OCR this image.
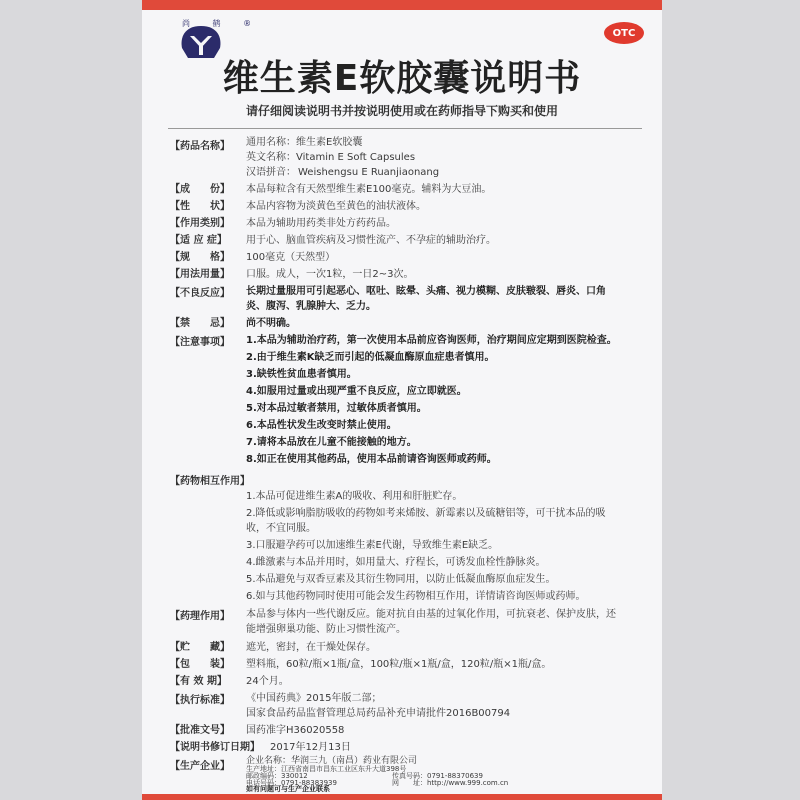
尚 鹤 ®
OTC
维生素E软胶囊说明书
请仔细阅读说明书并按说明使用或在药师指导下购买和使用
【药品名称】 通用名称：维生素E软胶囊
英文名称：Vitamin E Soft Capsules
汉语拼音： Weishengsu E Ruanjiaonang
【成　　份】 本品每粒含有天然型维生素E100毫克。辅料为大豆油。
【性　　状】 本品内容物为淡黄色至黄色的油状液体。
【作用类别】 本品为辅助用药类非处方药药品。
【适 应 症】 用于心、脑血管疾病及习惯性流产、不孕症的辅助治疗。
【规　　格】 100毫克（天然型）
【用法用量】 口服。成人，一次1粒，一日2~3次。
【不良反应】 长期过量服用可引起恶心、呕吐、眩晕、头痛、视力模糊、皮肤皲裂、唇炎、口角
炎、腹泻、乳腺肿大、乏力。
【禁　　忌】 尚不明确。
【注意事项】 1.本品为辅助治疗药，第一次使用本品前应咨询医师，治疗期间应定期到医院检查。
2.由于维生素K缺乏而引起的低凝血酶原血症患者慎用。
3.缺铁性贫血患者慎用。
4.如服用过量或出现严重不良反应，应立即就医。
5.对本品过敏者禁用，过敏体质者慎用。
6.本品性状发生改变时禁止使用。
7.请将本品放在儿童不能接触的地方。
8.如正在使用其他药品，使用本品前请咨询医师或药师。
【药物相互作用】
1.本品可促进维生素A的吸收、利用和肝脏贮存。
2.降低或影响脂肪吸收的药物如考来烯胺、新霉素以及硫糖铝等，可干扰本品的吸
收，不宜同服。
3.口服避孕药可以加速维生素E代谢，导致维生素E缺乏。
4.雌激素与本品并用时，如用量大、疗程长，可诱发血栓性静脉炎。
5.本品避免与双香豆素及其衍生物同用，以防止低凝血酶原血症发生。
6.如与其他药物同时使用可能会发生药物相互作用，详情请咨询医师或药师。
【药理作用】 本品参与体内一些代谢反应。能对抗自由基的过氧化作用，可抗衰老、保护皮肤，还
能增强卵巢功能、防止习惯性流产。
【贮　　藏】 遮光，密封，在干燥处保存。
【包　　装】 塑料瓶，60粒/瓶×1瓶/盒，100粒/瓶×1瓶/盒，120粒/瓶×1瓶/盒。
【有 效 期】 24个月。
【执行标准】 《中国药典》2015年版二部；
国家食品药品监督管理总局药品补充申请批件2016B00794
【批准文号】 国药准字H36020558
【说明书修订日期】 2017年12月13日
【生产企业】 企业名称：华润三九（南昌）药业有限公司
生产地址：江西省南昌市昌东工业区东升大道398号
邮政编码：330012
电话号码：0791-88383939
传真号码：0791-88370639
网　　址：http://www.999.com.cn
如有问题可与生产企业联系
